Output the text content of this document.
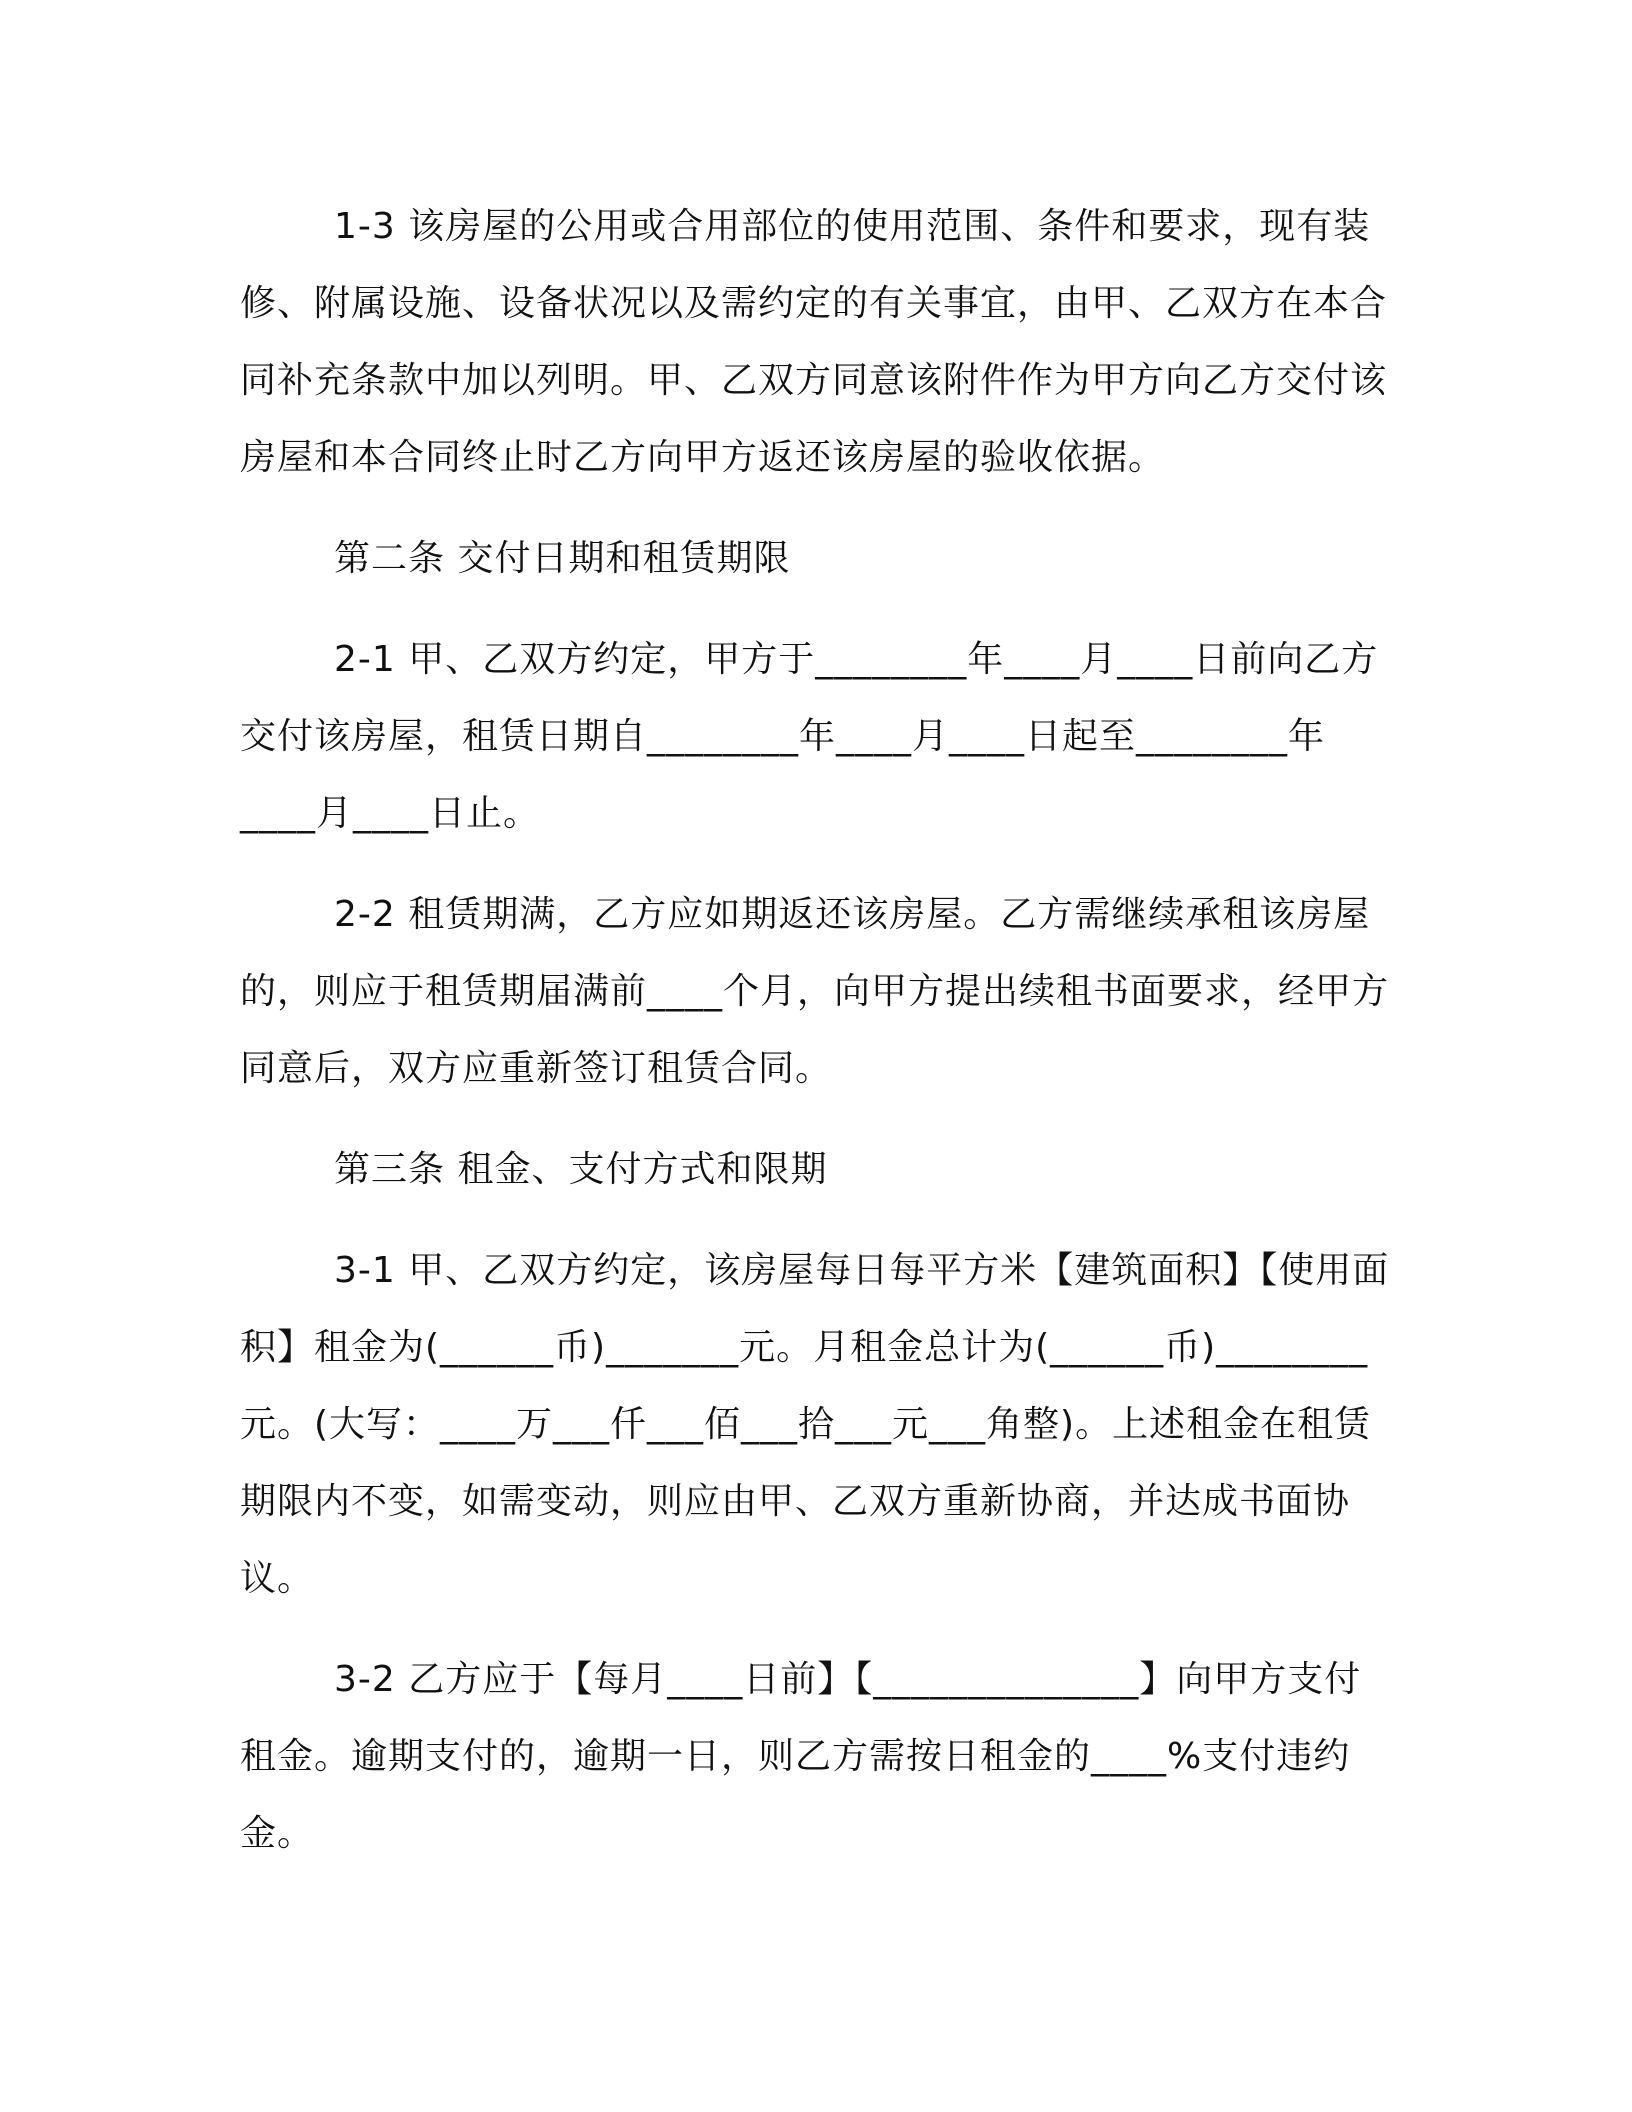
1-3 该房屋的公用或合用部位的使用范围、条件和要求，现有装修、附属设施、设备状况以及需约定的有关事宜，由甲、乙双方在本合同补充条款中加以列明。甲、乙双方同意该附件作为甲方向乙方交付该房屋和本合同终止时乙方向甲方返还该房屋的验收依据。

第二条 交付日期和租赁期限

2-1 甲、乙双方约定，甲方于________年____月____日前向乙方交付该房屋，租赁日期自________年____月____日起至________年____月____日止。

2-2 租赁期满，乙方应如期返还该房屋。乙方需继续承租该房屋的，则应于租赁期届满前____个月，向甲方提出续租书面要求，经甲方同意后，双方应重新签订租赁合同。

第三条 租金、支付方式和限期

3-1 甲、乙双方约定，该房屋每日每平方米【建筑面积】【使用面积】租金为(______币)_______元。月租金总计为(______币)________元。(大写：____万___仟___佰___拾___元___角整)。上述租金在租赁期限内不变，如需变动，则应由甲、乙双方重新协商，并达成书面协议。

3-2 乙方应于【每月____日前】【______________】向甲方支付租金。逾期支付的，逾期一日，则乙方需按日租金的____%支付违约金。
